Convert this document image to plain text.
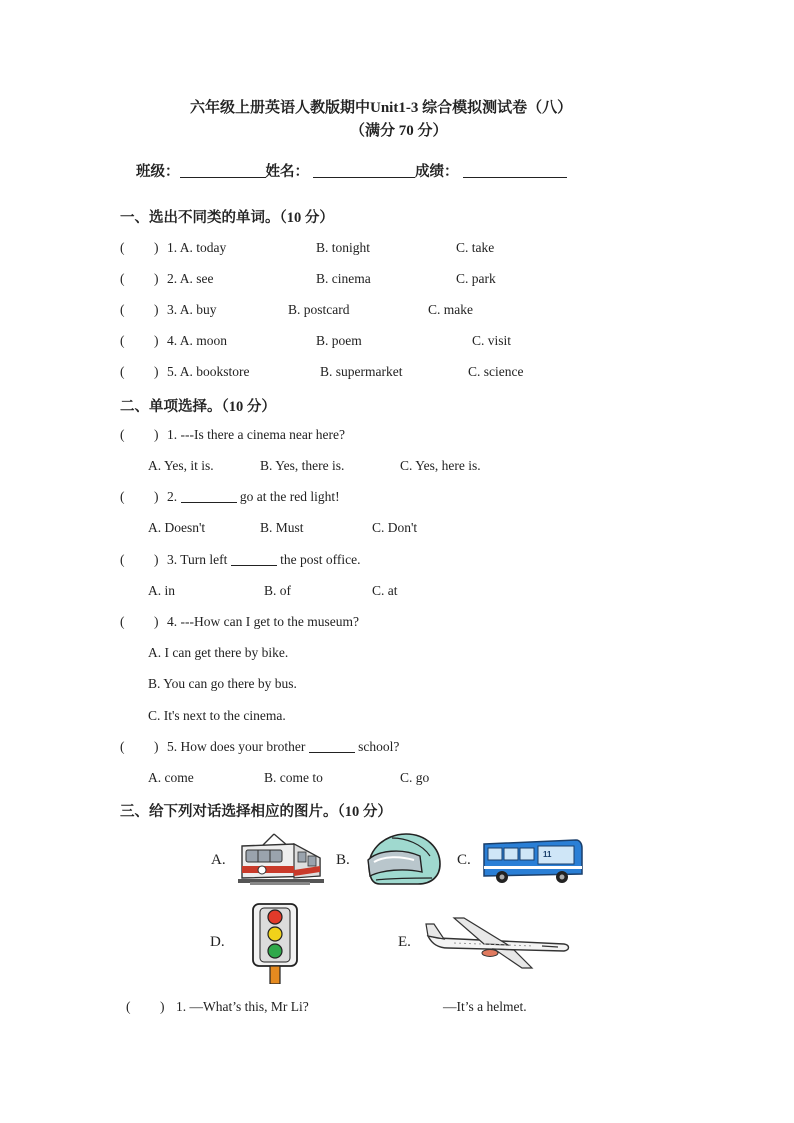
六年级上册英语人教版期中Unit1-3 综合模拟测试卷（八）
（满分 70 分）
班级：	姓名：	成绩：
一、选出不同类的单词。（10 分）
( ) 1. A. today	B. tonight	C. take
( ) 2. A. see	B. cinema	C. park
( ) 3. A. buy	B. postcard	C. make
( ) 4. A. moon	B. poem	C. visit
( ) 5. A. bookstore	B. supermarket	C. science
二、单项选择。（10 分）
( ) 1. ---Is there a cinema near here?
A. Yes, it is.	B. Yes, there is.	C. Yes, here is.
( ) 2.	go at the red light!
A. Doesn't	B. Must	C. Don't
( ) 3. Turn left	the post office.
A. in	B. of	C. at
( ) 4. ---How can I get to the museum?
A. I can get there by bike.
B. You can go there by bus.
C. It's next to the cinema.
( ) 5. How does your brother	school?
A. come	B. come to	C. go
三、给下列对话选择相应的图片。（10 分）
A.	B.	C.
D.	E.
11
( ) 1. —What’s this, Mr Li?	—It’s a helmet.
